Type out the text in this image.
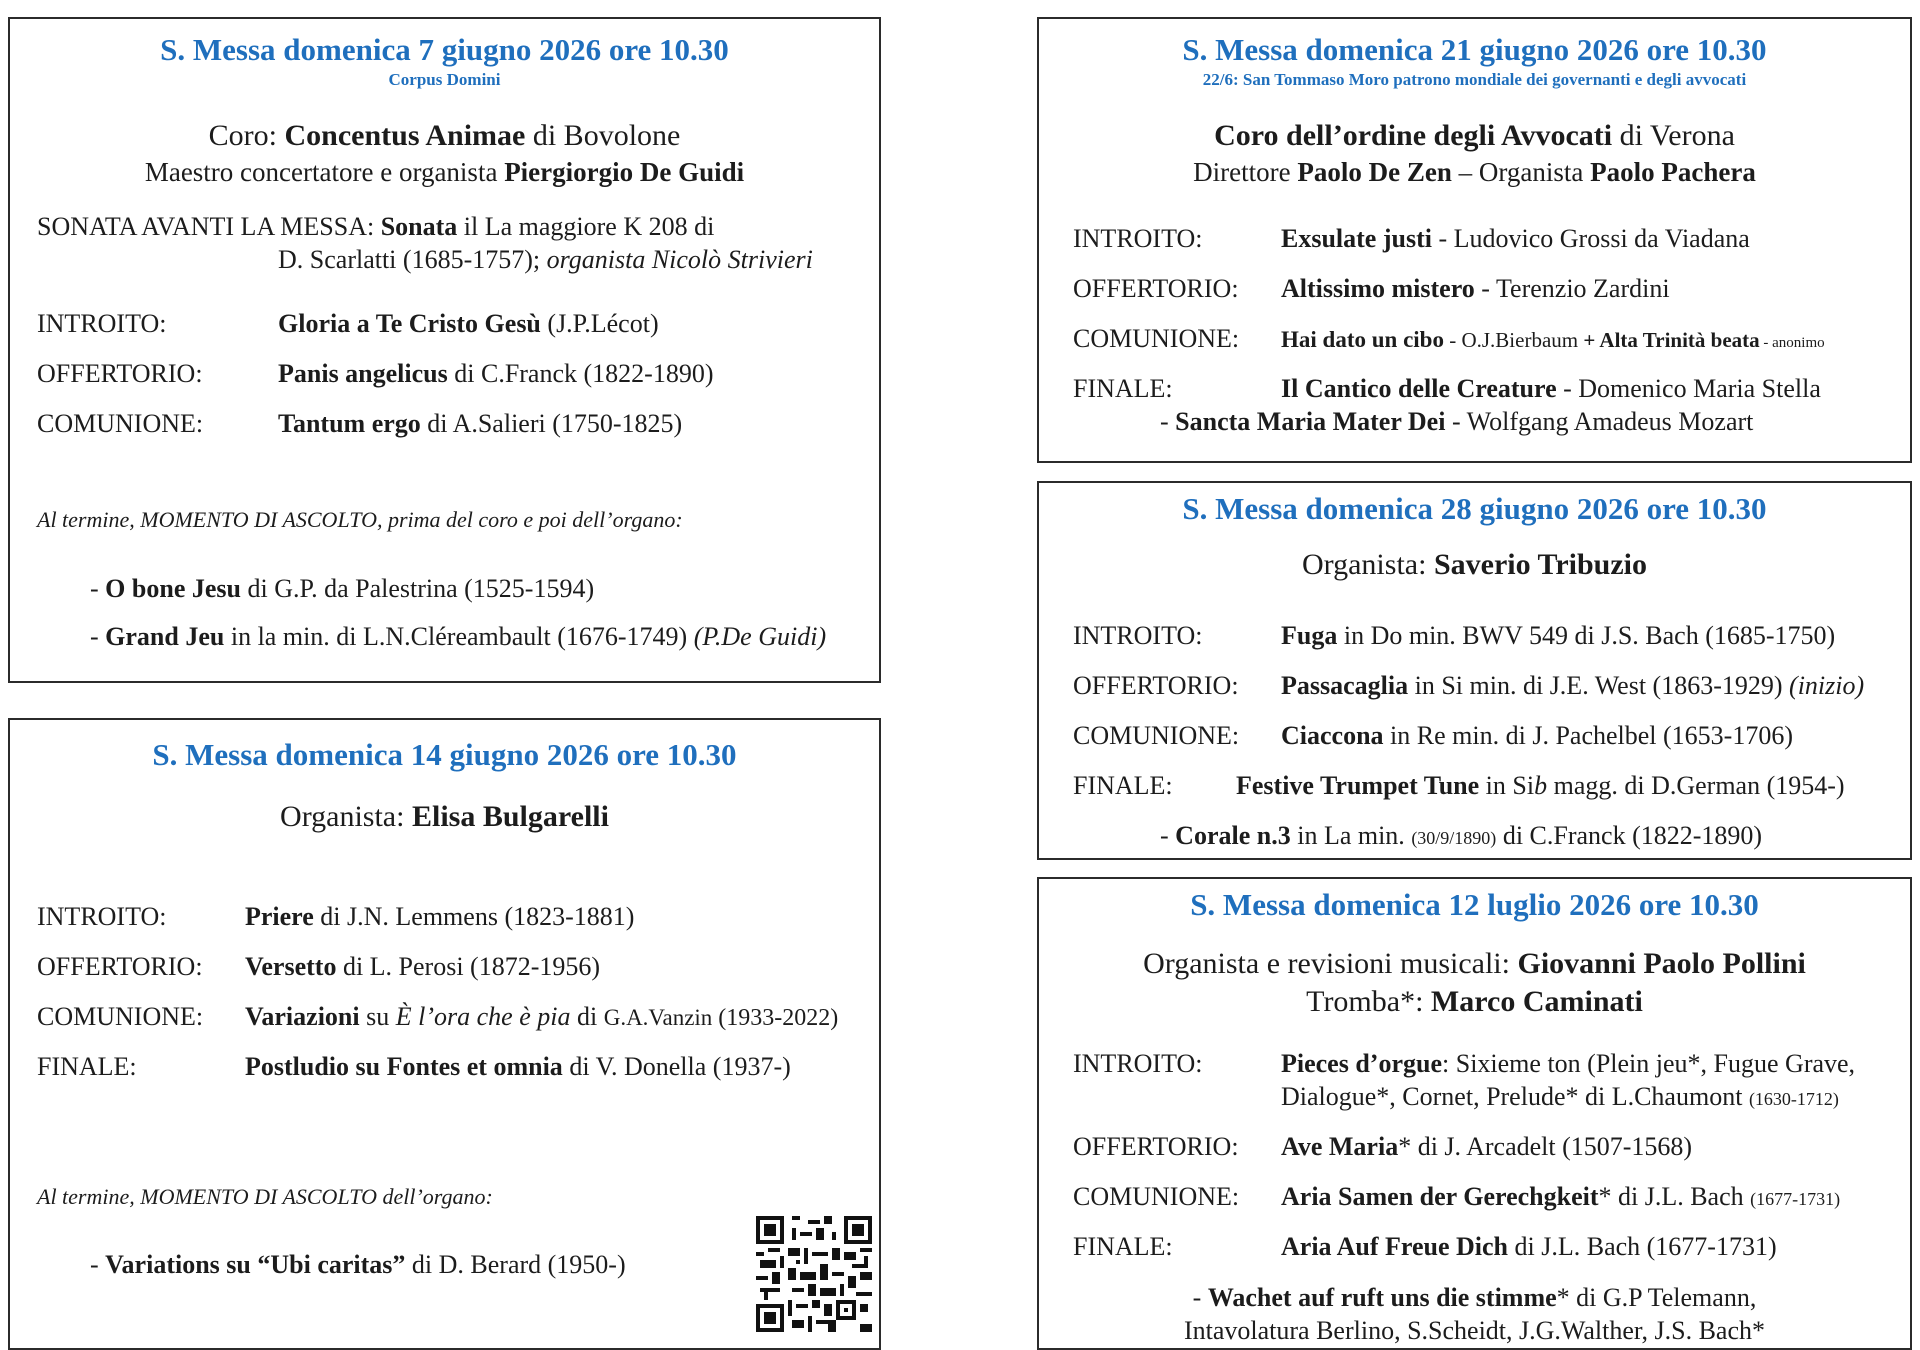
S. Messa domenica 7 giugno 2026 ore 10.30
Corpus Domini
Coro: Concentus Animae di Bovolone
Maestro concertatore e organista Piergiorgio De Guidi
SONATA AVANTI LA MESSA: Sonata il La maggiore K 208 di
D. Scarlatti (1685-1757); organista Nicolò Strivieri
INTROITO:	Gloria a Te Cristo Gesù (J.P.Lécot)
OFFERTORIO:	Panis angelicus di C.Franck (1822-1890)
COMUNIONE:	Tantum ergo di A.Salieri (1750-1825)
Al termine, MOMENTO DI ASCOLTO, prima del coro e poi dell’organo:
- O bone Jesu di G.P. da Palestrina (1525-1594)
- Grand Jeu in la min. di L.N.Cléreambault (1676-1749) (P.De Guidi)
S. Messa domenica 14 giugno 2026 ore 10.30
Organista: Elisa Bulgarelli
INTROITO:	Priere di J.N. Lemmens (1823-1881)
OFFERTORIO: Versetto di L. Perosi (1872-1956)
COMUNIONE: Variazioni su È l’ora che è pia di G.A.Vanzin (1933-2022)
FINALE:	Postludio su Fontes et omnia di V. Donella (1937-)
Al termine, MOMENTO DI ASCOLTO dell’organo:
- Variations su “Ubi caritas” di D. Berard (1950-)
S. Messa domenica 21 giugno 2026 ore 10.30
22/6: San Tommaso Moro patrono mondiale dei governanti e degli avvocati
Coro dell’ordine degli Avvocati di Verona
Direttore Paolo De Zen – Organista Paolo Pachera
INTROITO:	Exsulate justi - Ludovico Grossi da Viadana
OFFERTORIO: Altissimo mistero - Terenzio Zardini
COMUNIONE: Hai dato un cibo - O.J.Bierbaum + Alta Trinità beata - anonimo
FINALE:	Il Cantico delle Creature - Domenico Maria Stella
- Sancta Maria Mater Dei - Wolfgang Amadeus Mozart
S. Messa domenica 28 giugno 2026 ore 10.30
Organista: Saverio Tribuzio
INTROITO:	Fuga in Do min. BWV 549 di J.S. Bach (1685-1750)
OFFERTORIO: Passacaglia in Si min. di J.E. West (1863-1929) (inizio)
COMUNIONE: Ciaccona in Re min. di J. Pachelbel (1653-1706)
FINALE: Festive Trumpet Tune in Sib magg. di D.German (1954-)
- Corale n.3 in La min. (30/9/1890) di C.Franck (1822-1890)
S. Messa domenica 12 luglio 2026 ore 10.30
Organista e revisioni musicali: Giovanni Paolo Pollini
Tromba*: Marco Caminati
INTROITO:	Pieces d’orgue: Sixieme ton (Plein jeu*, Fugue Grave,
Dialogue*, Cornet, Prelude* di L.Chaumont (1630-1712)
OFFERTORIO: Ave Maria* di J. Arcadelt (1507-1568)
COMUNIONE: Aria Samen der Gerechgkeit* di J.L. Bach (1677-1731)
FINALE:	Aria Auf Freue Dich di J.L. Bach (1677-1731)
- Wachet auf ruft uns die stimme* di G.P Telemann,
Intavolatura Berlino, S.Scheidt, J.G.Walther, J.S. Bach*
